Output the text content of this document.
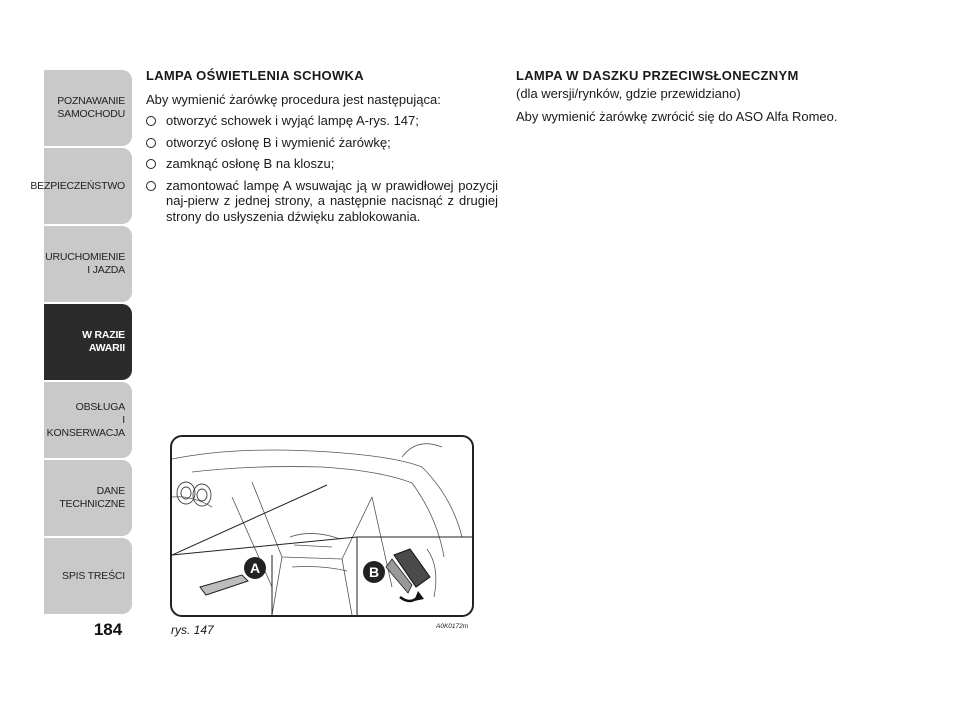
POZNAWANIE
SAMOCHODU
BEZPIECZEŃSTWO
URUCHOMIENIE
I JAZDA
W RAZIE AWARII
OBSŁUGA
I KONSERWACJA
DANE
TECHNICZNE
SPIS TREŚCI
184
LAMPA OŚWIETLENIA SCHOWKA

Aby wymienić żarówkę procedura jest następująca:

otworzyć schowek i wyjąć lampę A-rys. 147;
otworzyć osłonę B i wymienić żarówkę;
zamknąć osłonę B na kloszu;
zamontować lampę A wsuwając ją w prawidłowej pozycji naj-pierw z jednej strony, a następnie nacisnąć z drugiej strony do usłyszenia dźwięku zablokowania.
LAMPA W DASZKU PRZECIWSŁONECZNYM

(dla wersji/rynków, gdzie przewidziano)

Aby wymienić żarówkę zwrócić się do ASO Alfa Romeo.

A	B
rys. 147	A0K0172m
